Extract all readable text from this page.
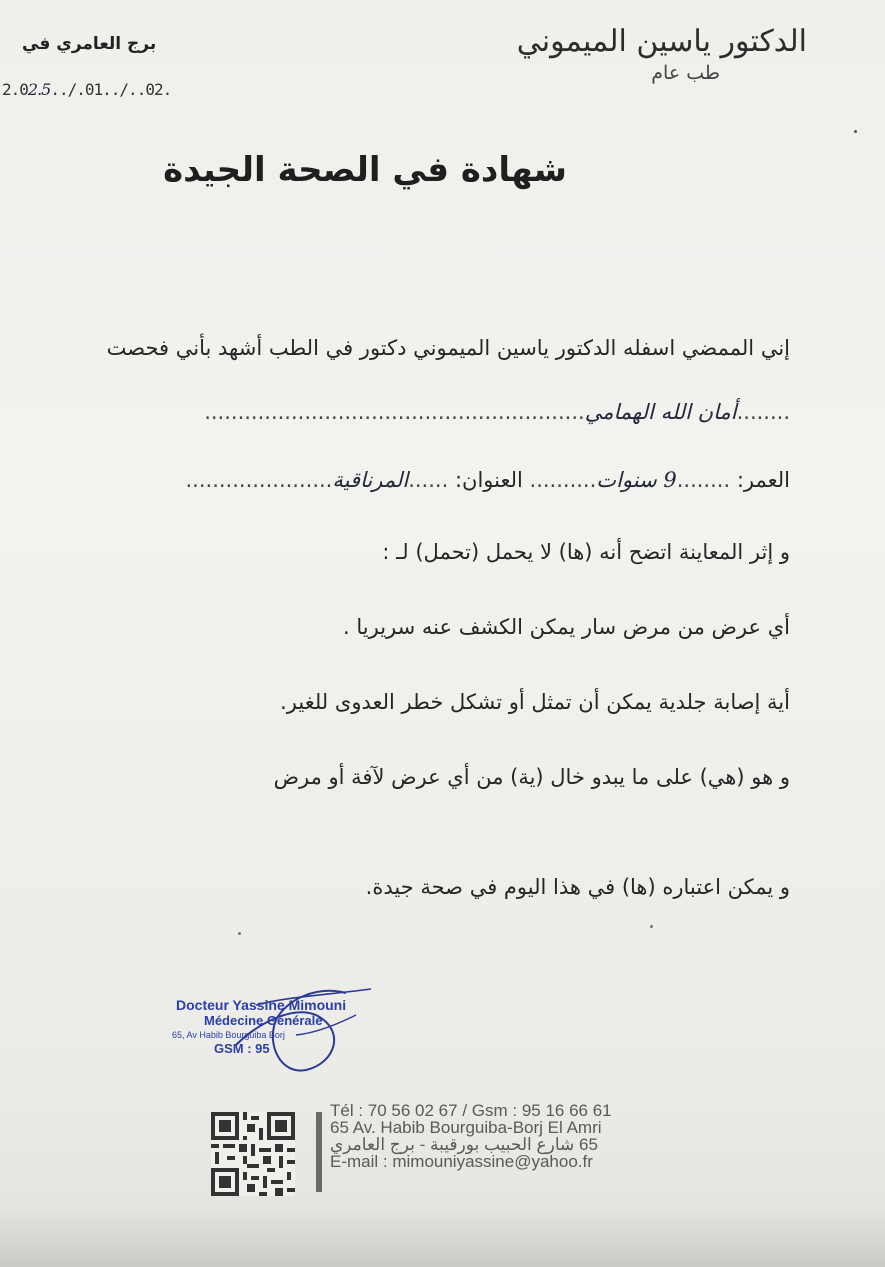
الدكتور ياسين الميموني
طب عام
برج العامري في
2.02.5../.01../..02.
شهادة في الصحة الجيدة
إني الممضي اسفله الدكتور ياسين الميموني دكتور في الطب أشهد بأني فحصت
........أمان الله الهمامي.........................................................
العمر: ........9 سنوات.......... العنوان: ......المرناقية......................
و إثر المعاينة اتضح أنه (ها) لا يحمل (تحمل) لـ :
أي عرض من مرض سار يمكن الكشف عنه سريريا .
أية إصابة جلدية يمكن أن تمثل أو تشكل خطر العدوى للغير.
و هو (هي) على ما يبدو خال (ية) من أي عرض لآفة أو مرض
و يمكن اعتباره (ها) في هذا اليوم في صحة جيدة.
Docteur Yassine Mimouni
Médecine Générale
65, Av Habib Bourguiba Borj
GSM : 95
Tél : 70 56 02 67 / Gsm : 95 16 66 61
65 Av. Habib Bourguiba-Borj El Amri
65 شارع الحبيب بورقيبة - برج العامري
E-mail : mimouniyassine@yahoo.fr
